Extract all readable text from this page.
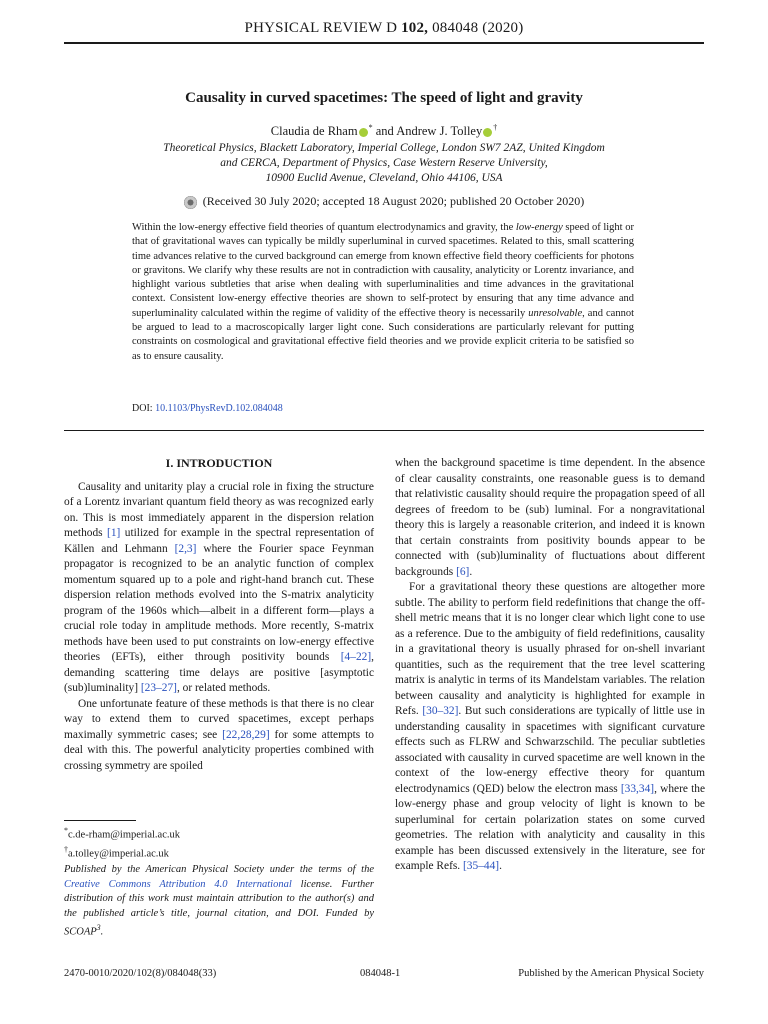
PHYSICAL REVIEW D 102, 084048 (2020)
Causality in curved spacetimes: The speed of light and gravity
Claudia de Rham * and Andrew J. Tolley †
Theoretical Physics, Blackett Laboratory, Imperial College, London SW7 2AZ, United Kingdom
and CERCA, Department of Physics, Case Western Reserve University,
10900 Euclid Avenue, Cleveland, Ohio 44106, USA
(Received 30 July 2020; accepted 18 August 2020; published 20 October 2020)

Within the low-energy effective field theories of quantum electrodynamics and gravity, the low-energy speed of light or that of gravitational waves can typically be mildly superluminal in curved spacetimes. Related to this, small scattering time advances relative to the curved background can emerge from known effective field theory coefficients for photons or gravitons. We clarify why these results are not in contradiction with causality, analyticity or Lorentz invariance, and highlight various subtleties that arise when dealing with superluminalities and time advances in the gravitational context. Consistent low-energy effective theories are shown to self-protect by ensuring that any time advance and superluminality calculated within the regime of validity of the effective theory is necessarily unresolvable, and cannot be argued to lead to a macroscopically larger light cone. Such considerations are particularly relevant for putting constraints on cosmological and gravitational effective field theories and we provide explicit criteria to be satisfied so as to ensure causality.

DOI: 10.1103/PhysRevD.102.084048
I. INTRODUCTION

Causality and unitarity play a crucial role in fixing the structure of a Lorentz invariant quantum field theory as was recognized early on. This is most immediately apparent in the dispersion relation methods [1] utilized for example in the spectral representation of Källen and Lehmann [2,3] where the Fourier space Feynman propagator is recognized to be an analytic function of complex momentum squared up to a pole and right-hand branch cut. These dispersion relation methods evolved into the S-matrix analyticity program of the 1960s which—albeit in a different form—plays a crucial role today in amplitude methods. More recently, S-matrix methods have been used to put constraints on low-energy effective theories (EFTs), either through positivity bounds [4–22], demanding scattering time delays are positive [asymptotic (sub)luminality] [23–27], or related methods.

One unfortunate feature of these methods is that there is no clear way to extend them to curved spacetimes, except perhaps maximally symmetric cases; see [22,28,29] for some attempts to deal with this. The powerful analyticity properties combined with crossing symmetry are spoiled

when the background spacetime is time dependent. In the absence of clear causality constraints, one reasonable guess is to demand that relativistic causality should require the propagation speed of all degrees of freedom to be (sub) luminal. For a nongravitational theory this is largely a reasonable criterion, and indeed it is known that certain constraints from positivity bounds appear to be connected with (sub)luminality of fluctuations about different backgrounds [6].

For a gravitational theory these questions are altogether more subtle. The ability to perform field redefinitions that change the off-shell metric means that it is no longer clear which light cone to use as a reference. Due to the ambiguity of field redefinitions, causality in a gravitational theory is usually phrased for on-shell invariant quantities, such as the requirement that the tree level scattering matrix is analytic in terms of its Mandelstam variables. The relation between causality and analyticity is highlighted for example in Refs. [30–32]. But such considerations are typically of little use in understanding causality in spacetimes with significant curvature effects such as FLRW and Schwarzschild. The peculiar subtleties associated with causality in curved spacetime are well known in the context of the low-energy effective theory for quantum electrodynamics (QED) below the electron mass [33,34], where the low-energy phase and group velocity of light is known to be superluminal for certain polarization states on some curved geometries. The relation with analyticity and causality in this example has been discussed extensively in the literature, see for example Refs. [35–44].

*c.de-rham@imperial.ac.uk
†a.tolley@imperial.ac.uk
Published by the American Physical Society under the terms of the Creative Commons Attribution 4.0 International license. Further distribution of this work must maintain attribution to the author(s) and the published article’s title, journal citation, and DOI. Funded by SCOAP$^3$.
2470-0010/2020/102(8)/084048(33)	084048-1	Published by the American Physical Society
